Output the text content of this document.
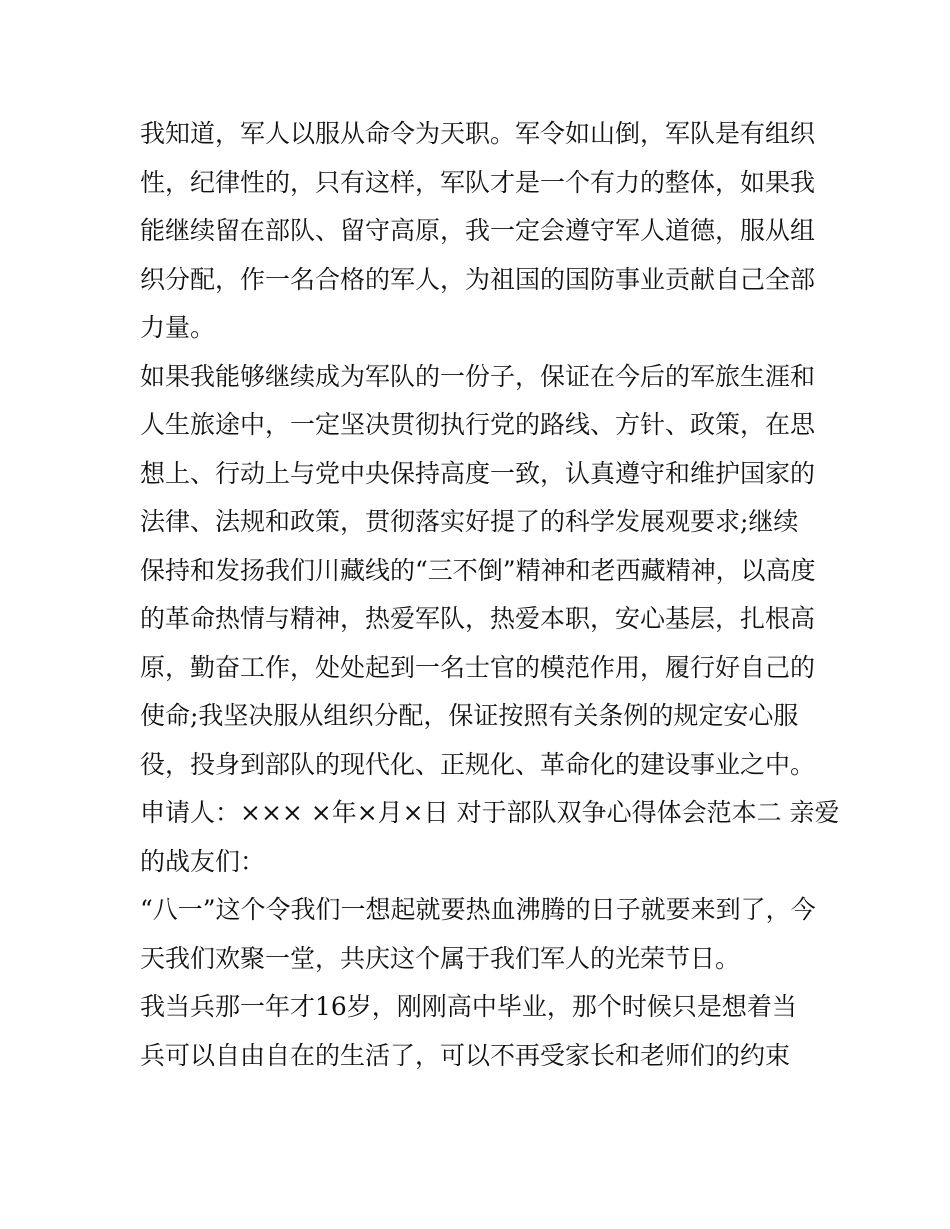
我知道，军人以服从命令为天职。军令如山倒，军队是有组织
性，纪律性的，只有这样，军队才是一个有力的整体，如果我
能继续留在部队、留守高原，我一定会遵守军人道德，服从组
织分配，作一名合格的军人，为祖国的国防事业贡献自己全部
力量。
如果我能够继续成为军队的一份子，保证在今后的军旅生涯和
人生旅途中，一定坚决贯彻执行党的路线、方针、政策，在思
想上、行动上与党中央保持高度一致，认真遵守和维护国家的
法律、法规和政策，贯彻落实好提了的科学发展观要求;继续
保持和发扬我们川藏线的“三不倒”精神和老西藏精神，以高度
的革命热情与精神，热爱军队，热爱本职，安心基层，扎根高
原，勤奋工作，处处起到一名士官的模范作用，履行好自己的
使命;我坚决服从组织分配，保证按照有关条例的规定安心服
役，投身到部队的现代化、正规化、革命化的建设事业之中。
申请人：××× ×年×月×日 对于部队双争心得体会范本二 亲爱
的战友们：
“八一”这个令我们一想起就要热血沸腾的日子就要来到了，今
天我们欢聚一堂，共庆这个属于我们军人的光荣节日。
我当兵那一年才16岁，刚刚高中毕业，那个时候只是想着当
兵可以自由自在的生活了，可以不再受家长和老师们的约束
